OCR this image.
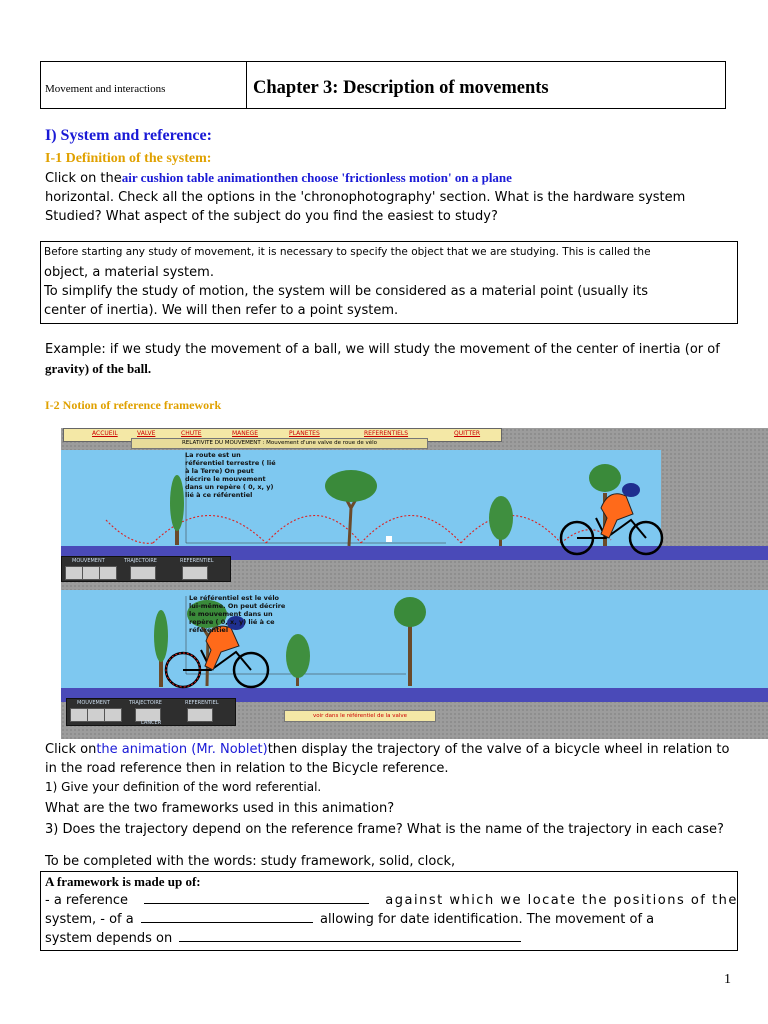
Movement and interactions	Chapter 3: Description of movements
I) System and reference:
I-1 Definition of the system:
Click on theair cushion table animationthen choose 'frictionless motion' on a plane
horizontal. Check all the options in the 'chronophotography' section. What is the hardware system
Studied? What aspect of the subject do you find the easiest to study?
Before starting any study of movement, it is necessary to specify the object that we are studying. This is called the
object, a material system.
To simplify the study of motion, the system will be considered as a material point (usually its
center of inertia). We will then refer to a point system.
Example: if we study the movement of a ball, we will study the movement of the center of inertia (or of
gravity) of the ball.
I-2 Notion of reference framework
ACCUEIL	VALVE	CHUTE	MANEGE	PLANETES	REFERENTIELS	QUITTER
RELATIVITE DU MOUVEMENT : Mouvement d'une valve de roue de vélo
La route est un référentiel terrestre ( lié à la Terre) On peut décrire le mouvement dans un repère ( 0, x, y) lié à ce référentiel
MOUVEMENT	TRAJECTOIRE	REFERENTIEL
Le référentiel est le vélo lui-même. On peut décrire le mouvement dans un repère ( 0, x, y) lié à ce référentiel
MOUVEMENT	TRAJECTOIRE	REFERENTIEL
LANCER
voir dans le référentiel de la valve
Click onthe animation (Mr. Noblet)then display the trajectory of the valve of a bicycle wheel in relation to
in the road reference then in relation to the Bicycle reference.
1) Give your definition of the word referential.
What are the two frameworks used in this animation?
3) Does the trajectory depend on the reference frame? What is the name of the trajectory in each case?
To be completed with the words: study framework, solid, clock,
A framework is made up of:
- a reference	against which we locate the positions of the
system, - of a	allowing for date identification. The movement of a
system depends on
1
